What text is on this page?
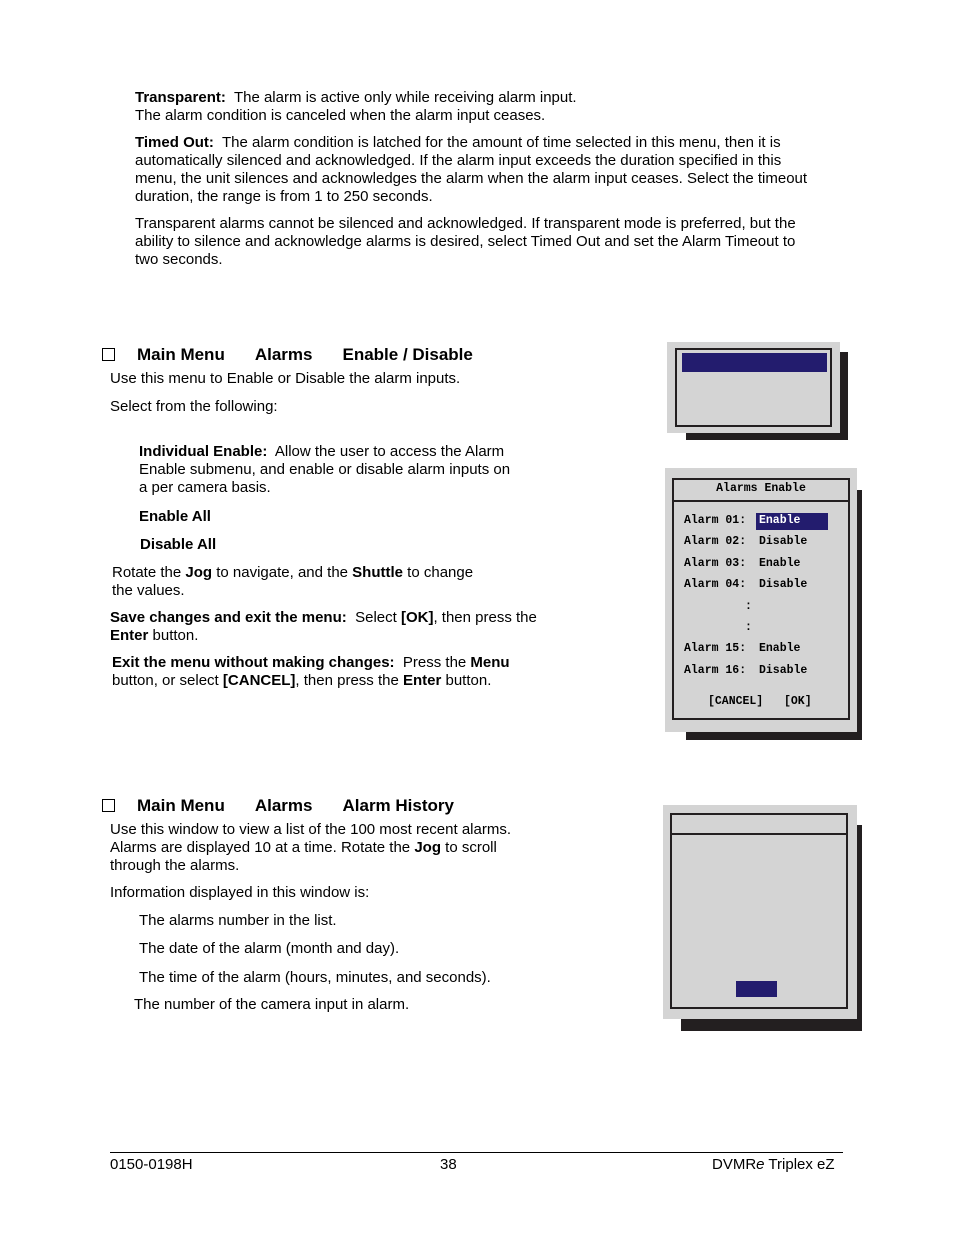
Transparent: The alarm is active only while receiving alarm input.
The alarm condition is canceled when the alarm input ceases.

Timed Out: The alarm condition is latched for the amount of time selected in this menu, then it is
automatically silenced and acknowledged. If the alarm input exceeds the duration specified in this
menu, the unit silences and acknowledges the alarm when the alarm input ceases. Select the timeout
duration, the range is from 1 to 250 seconds.

Transparent alarms cannot be silenced and acknowledged. If transparent mode is preferred, but the
ability to silence and acknowledge alarms is desired, select Timed Out and set the Alarm Timeout to
two seconds.

Main Menu Alarms Enable / Disable

Use this menu to Enable or Disable the alarm inputs.

Select from the following:

Individual Enable: Allow the user to access the Alarm
Enable submenu, and enable or disable alarm inputs on
a per camera basis.

Enable All

Disable All

Rotate the Jog to navigate, and the Shuttle to change
the values.

Save changes and exit the menu: Select [OK], then press the
Enter button.

Exit the menu without making changes: Press the Menu
button, or select [CANCEL], then press the Enter button.

Alarms Enable
Alarm 01: Enable
Alarm 02: Disable
Alarm 03: Enable
Alarm 04: Disable
:
:
Alarm 15: Enable
Alarm 16: Disable
[CANCEL] [OK]
Main Menu Alarms Alarm History

Use this window to view a list of the 100 most recent alarms.
Alarms are displayed 10 at a time. Rotate the Jog to scroll
through the alarms.

Information displayed in this window is:

The alarms number in the list.

The date of the alarm (month and day).

The time of the alarm (hours, minutes, and seconds).

The number of the camera input in alarm.

0150-0198H	38	DVMRe Triplex eZ
